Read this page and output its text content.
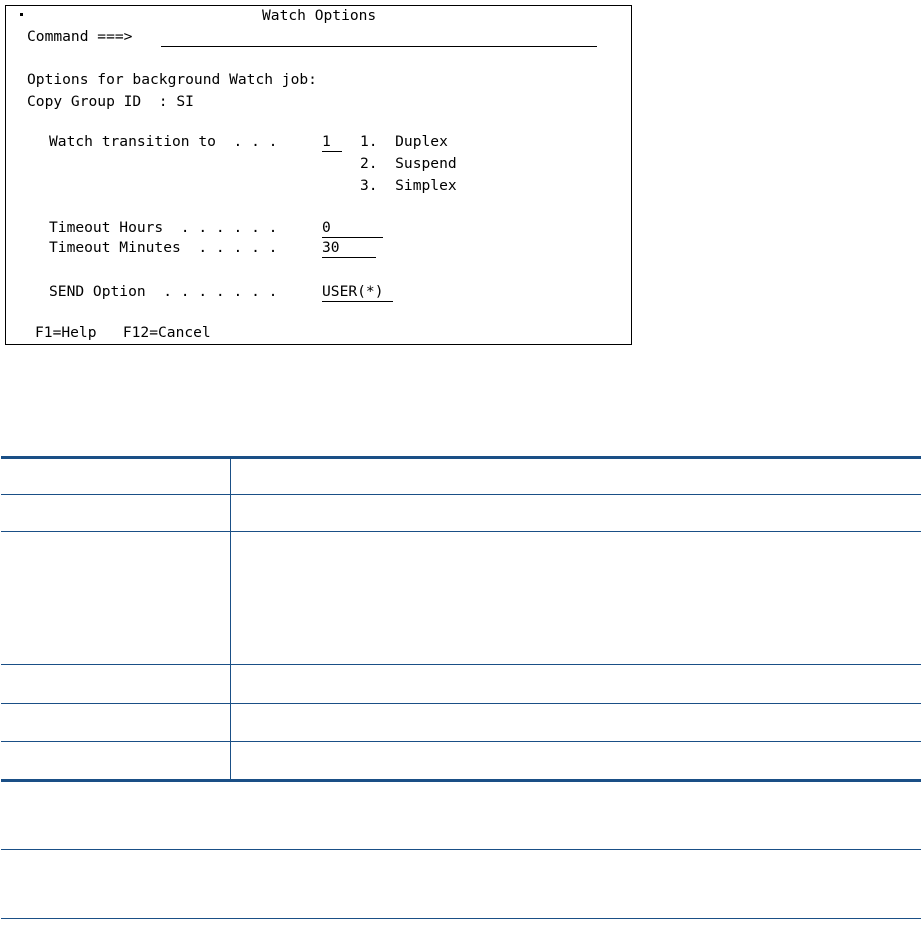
Watch Options
Command ===>
Options for background Watch job:
Copy Group ID  : SI
Watch transition to  . . .	1	1.  Duplex
2.  Suspend
3.  Simplex
Timeout Hours  . . . . . .	0
Timeout Minutes  . . . . .	30
SEND Option  . . . . . . .	USER(*)
F1=Help   F12=Cancel
